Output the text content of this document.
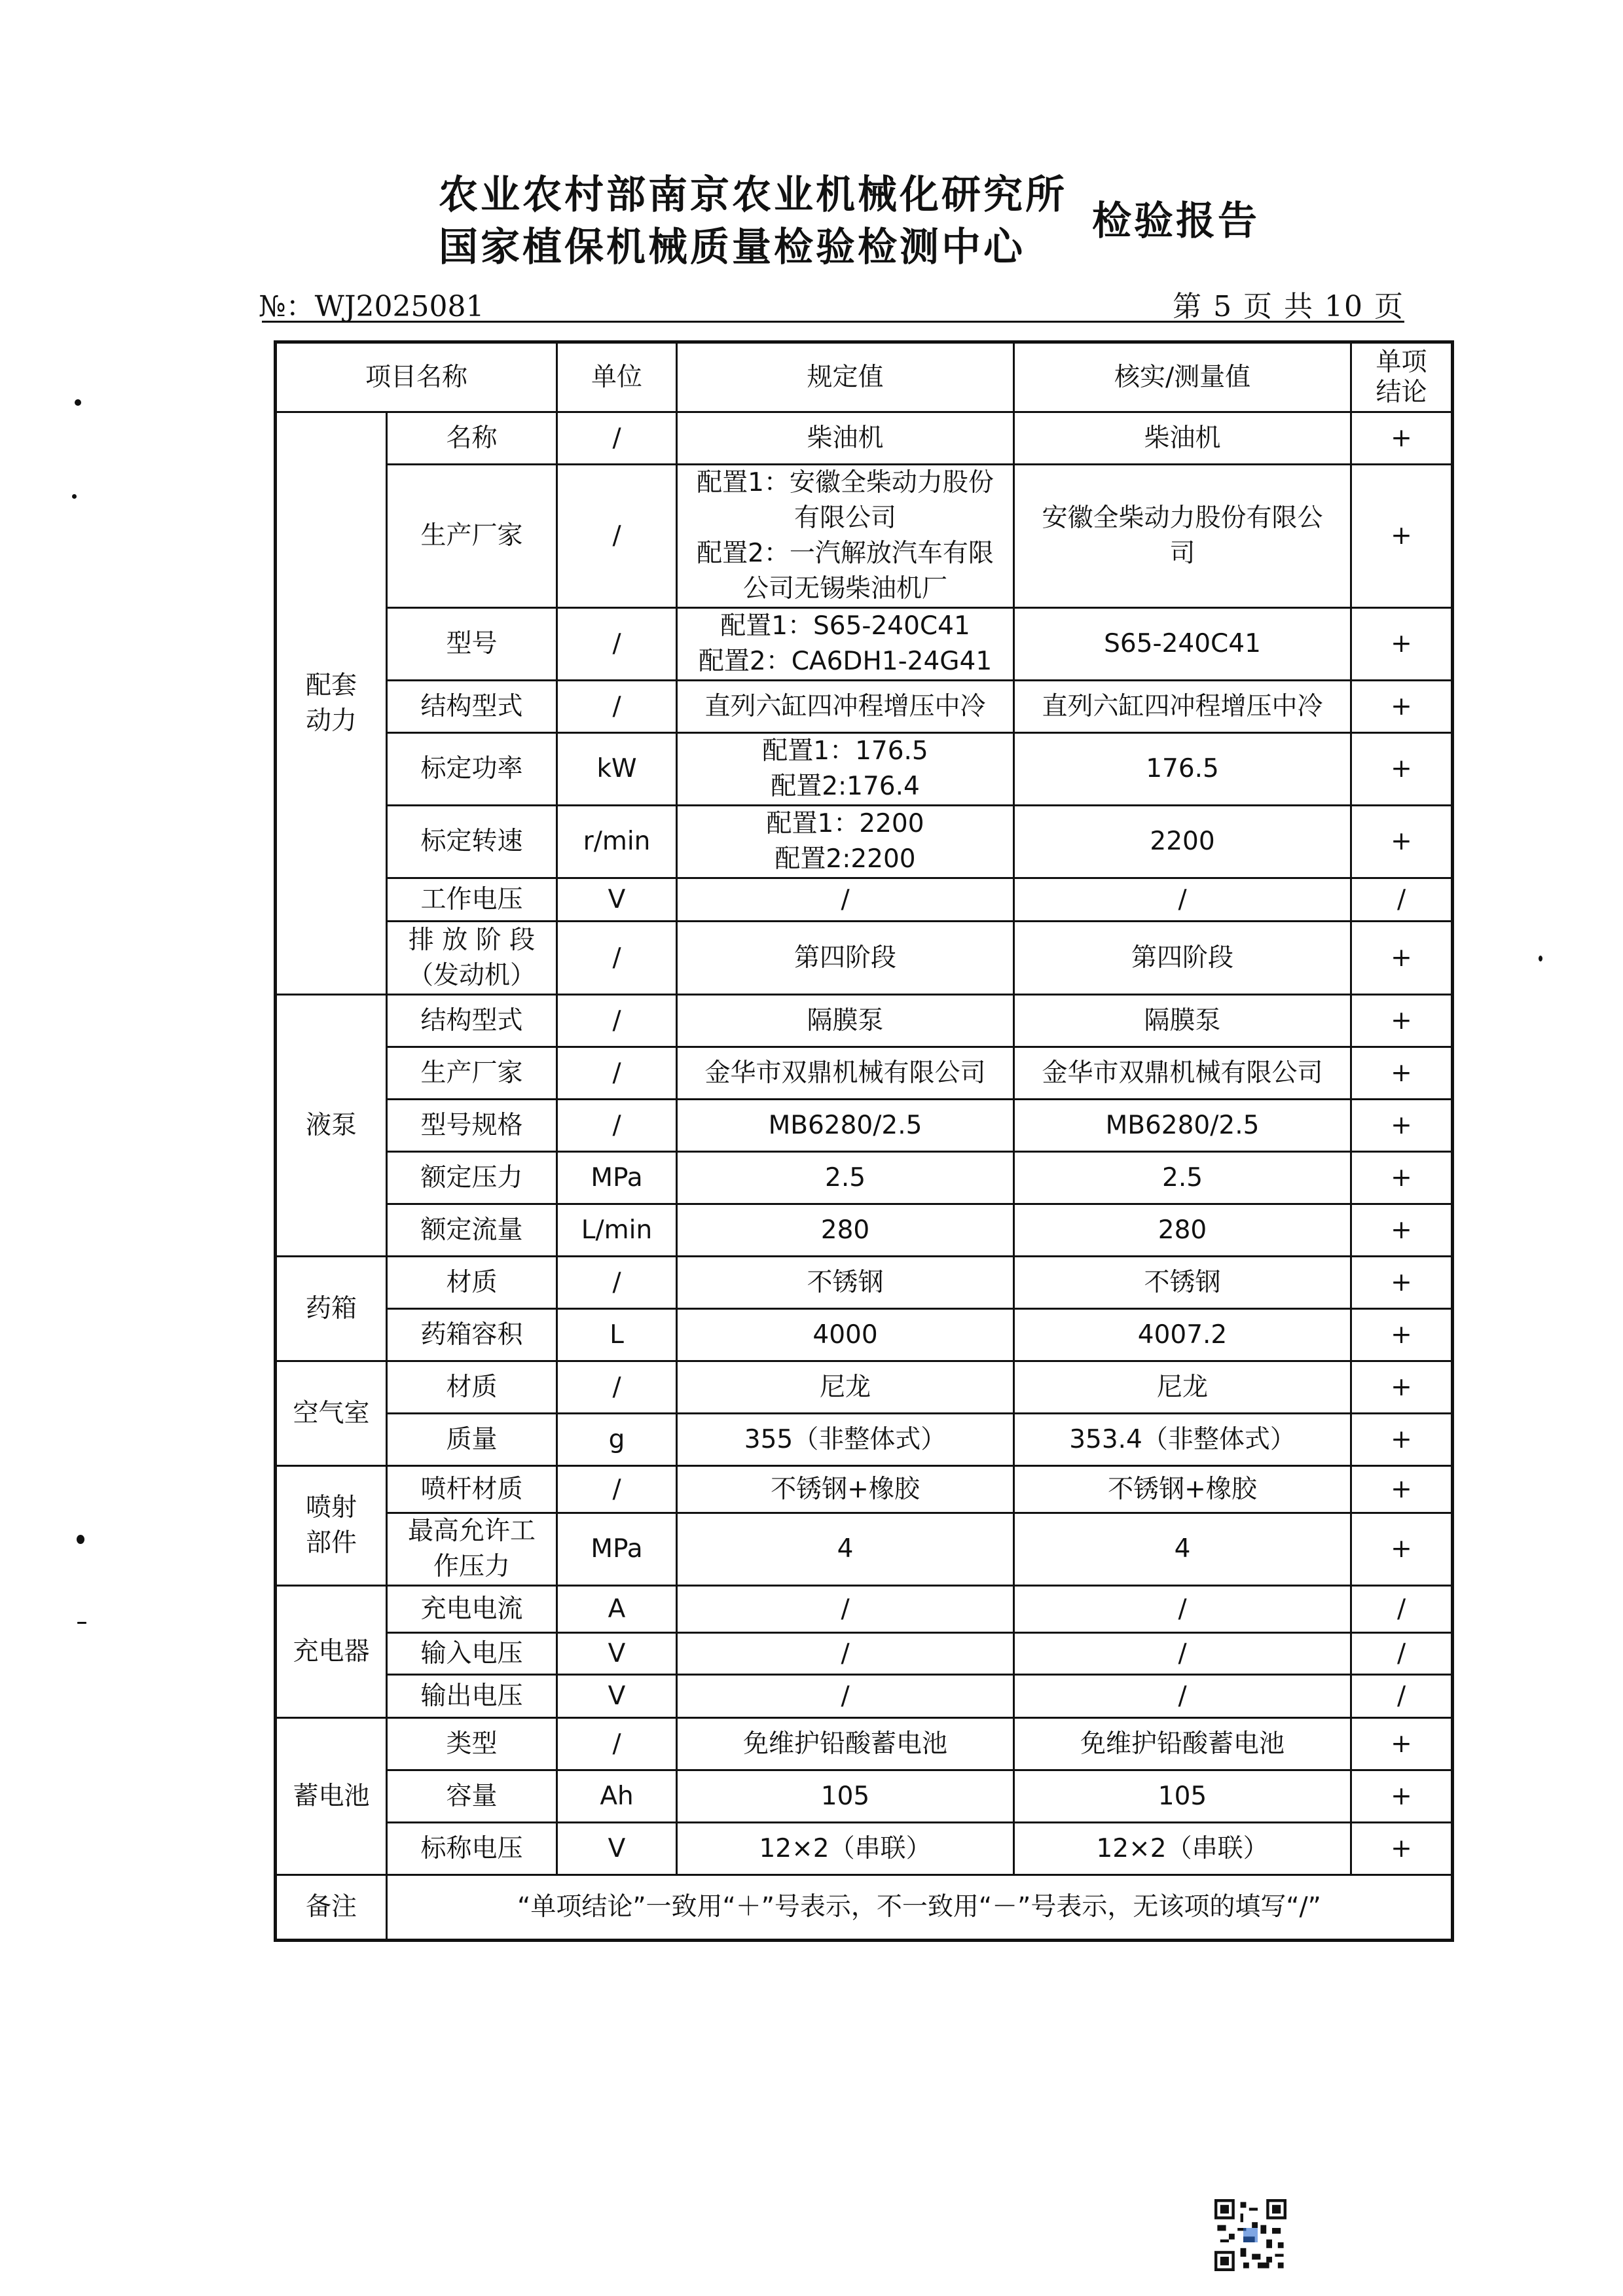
农业农村部南京农业机械化研究所
国家植保机械质量检验检测中心
检验报告
№：WJ2025081	第 5 页 共 10 页
项目名称		单位	规定值	核实/测量值	单项
结论
配套
动力	名称	/	柴油机	柴油机	+
	生产厂家	/	配置1：安徽全柴动力股份
有限公司
配置2：一汽解放汽车有限
公司无锡柴油机厂	安徽全柴动力股份有限公
司	+
	型号	/	配置1：S65-240C41
配置2：CA6DH1-24G41	S65-240C41	+
	结构型式	/	直列六缸四冲程增压中冷	直列六缸四冲程增压中冷	+
	标定功率	kW	配置1：176.5
配置2:176.4	176.5	+
	标定转速	r/min	配置1：2200
配置2:2200	2200	+
	工作电压	V	/	/	/
	排 放 阶 段
（发动机）	/	第四阶段	第四阶段	+
液泵	结构型式	/	隔膜泵	隔膜泵	+
	生产厂家	/	金华市双鼎机械有限公司	金华市双鼎机械有限公司	+
	型号规格	/	MB6280/2.5	MB6280/2.5	+
	额定压力	MPa	2.5	2.5	+
	额定流量	L/min	280	280	+
药箱	材质	/	不锈钢	不锈钢	+
	药箱容积	L	4000	4007.2	+
空气室	材质	/	尼龙	尼龙	+
	质量	g	355（非整体式）	353.4（非整体式）	+
喷射
部件	喷杆材质	/	不锈钢+橡胶	不锈钢+橡胶	+
	最高允许工
作压力	MPa	4	4	+
充电器	充电电流	A	/	/	/
	输入电压	V	/	/	/
	输出电压	V	/	/	/
蓄电池	类型	/	免维护铅酸蓄电池	免维护铅酸蓄电池	+
	容量	Ah	105	105	+
	标称电压	V	12×2（串联）	12×2（串联）	+
备注	“单项结论”一致用“＋”号表示，不一致用“－”号表示，无该项的填写“/”				
